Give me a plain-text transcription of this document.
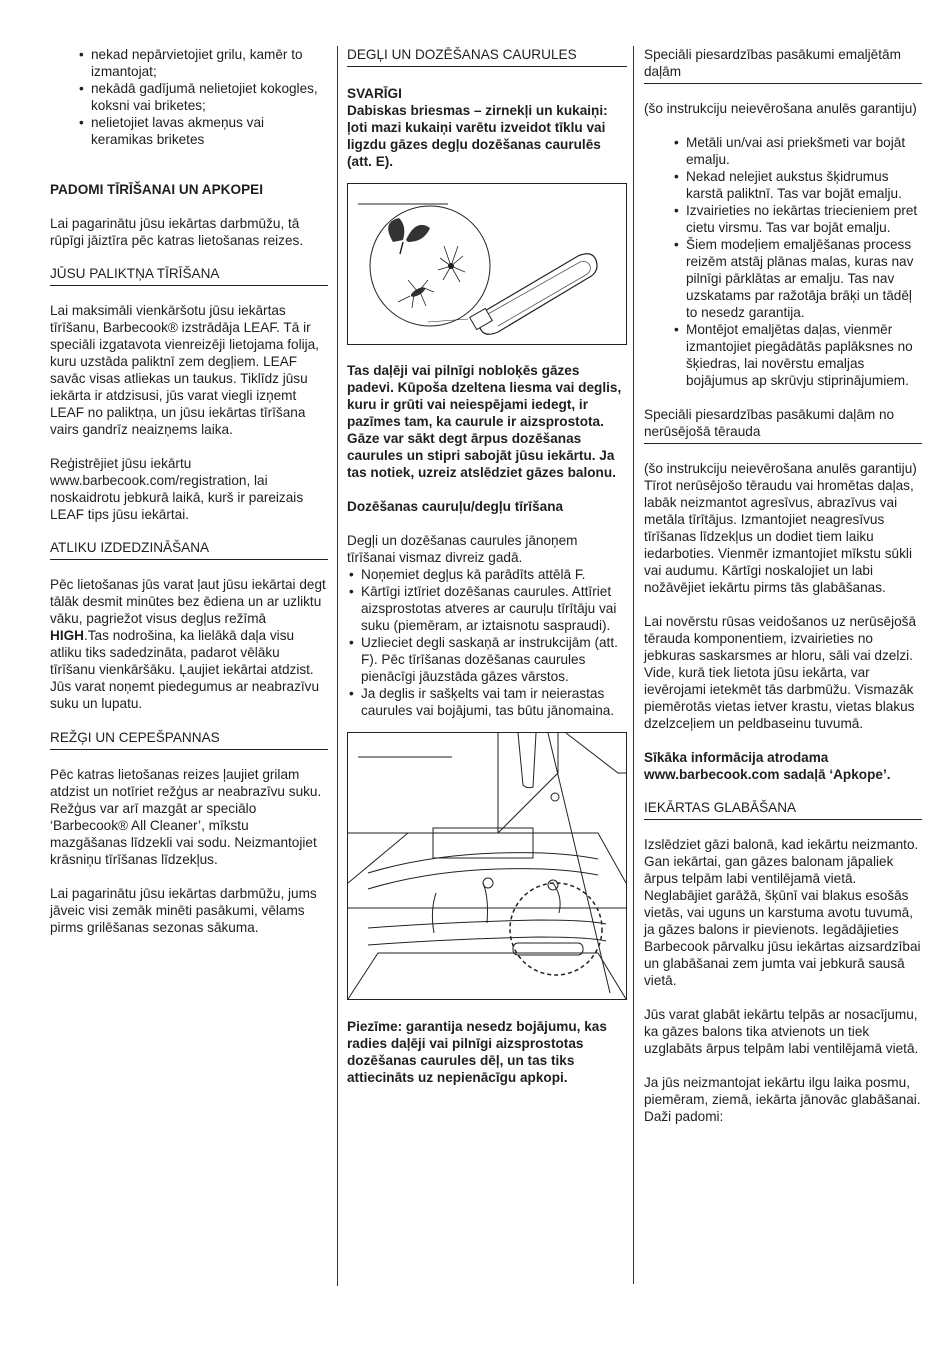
• nekad nepārvietojiet grilu, kamēr to izmantojat;
• nekādā gadījumā nelietojiet kokogles, koksni vai briketes;
• nelietojiet lavas akmeņus vai keramikas briketes

PADOMI TĪRĪŠANAI UN APKOPEI

Lai pagarinātu jūsu iekārtas darbmūžu, tā rūpīgi jāiztīra pēc katras lietošanas reizes.

JŪSU PALIKTŅA TĪRĪŠANA

Lai maksimāli vienkāršotu jūsu iekārtas tīrīšanu, Barbecook® izstrādāja LEAF. Tā ir speciāli izgatavota vienreizēji lietojama folija, kuru uzstāda paliktnī zem degļiem. LEAF savāc visas atliekas un taukus. Tiklīdz jūsu iekārta ir atdzisusi, jūs varat viegli izņemt LEAF no paliktņa, un jūsu iekārtas tīrīšana vairs gandrīz neaizņems laika.

Reģistrējiet jūsu iekārtu www.barbecook.com/registration, lai noskaidrotu jebkurā laikā, kurš ir pareizais LEAF tips jūsu iekārtai.

ATLIKU IZDEDZINĀŠANA

Pēc lietošanas jūs varat ļaut jūsu iekārtai degt tālāk desmit minūtes bez ēdiena un ar uzliktu vāku, pagriežot visus degļus režīmā HIGH.Tas nodrošina, ka lielākā daļa visu atliku tiks sadedzināta, padarot vēlāku tīrīšanu vienkāršāku. Ļaujiet iekārtai atdzist.

Jūs varat noņemt piedegumus ar neabrazīvu suku un lupatu.

REŽĢI UN CEPEŠPANNAS

Pēc katras lietošanas reizes ļaujiet grilam atdzist un notīriet režģus ar neabrazīvu suku. Režģus var arī mazgāt ar speciālo ‘Barbecook® All Cleaner’, mīkstu mazgāšanas līdzekli vai sodu. Neizmantojiet krāsniņu tīrīšanas līdzekļus.

Lai pagarinātu jūsu iekārtas darbmūžu, jums jāveic visi zemāk minēti pasākumi, vēlams pirms grilēšanas sezonas sākuma.

DEGĻI UN DOZĒŠANAS CAURULES

SVARĪGI

Dabiskas briesmas – zirnekļi un kukaiņi: ļoti mazi kukaiņi varētu izveidot tīklu vai ligzdu gāzes degļu dozēšanas caurulēs (att. E).

Tas daļēji vai pilnīgi nobloķēs gāzes padevi. Kūpoša dzeltena liesma vai deglis, kuru ir grūti vai neiespējami iedegt, ir pazīmes tam, ka caurule ir aizsprostota. Gāze var sākt degt ārpus dozēšanas caurules un stipri sabojāt jūsu iekārtu. Ja tas notiek, uzreiz atslēdziet gāzes balonu.

Dozēšanas cauruļu/degļu tīrīšana

Degļi un dozēšanas caurules jānoņem tīrīšanai vismaz divreiz gadā.

• Noņemiet degļus kā parādīts attēlā F.
• Kārtīgi iztīriet dozēšanas caurules. Attīriet aizsprostotas atveres ar cauruļu tīrītāju vai suku (piemēram, ar iztaisnotu saspraudi).
• Uzlieciet degli saskaņā ar instrukcijām (att. F). Pēc tīrīšanas dozēšanas caurules pienācīgi jāuzstāda gāzes vārstos.
• Ja deglis ir sašķelts vai tam ir neierastas caurules vai bojājumi, tas būtu jānomaina.

Piezīme: garantija nesedz bojājumu, kas radies daļēji vai pilnīgi aizsprostotas dozēšanas caurules dēļ, un tas tiks attiecināts uz nepienācīgu apkopi.

Speciāli piesardzības pasākumi emaljētām daļām

(šo instrukciju neievērošana anulēs garantiju)

• Metāli un/vai asi priekšmeti var bojāt emalju.
• Nekad nelejiet aukstus šķidrumus karstā paliktnī. Tas var bojāt emalju.
• Izvairieties no iekārtas triecieniem pret cietu virsmu. Tas var bojāt emalju.
• Šiem modeļiem emaljēšanas process reizēm atstāj plānas malas, kuras nav pilnīgi pārklātas ar emalju. Tas nav uzskatams par ražotāja brāķi un tādēļ to nesedz garantija.
• Montējot emaljētas daļas, vienmēr izmantojiet piegādātās paplāksnes no šķiedras, lai novērstu emaljas bojājumus ap skrūvju stiprinājumiem.

Speciāli piesardzības pasākumi daļām no nerūsējošā tērauda

(šo instrukciju neievērošana anulēs garantiju)

Tīrot nerūsējošo tēraudu vai hromētas daļas, labāk neizmantot agresīvus, abrazīvus vai metāla tīrītājus. Izmantojiet neagresīvus tīrīšanas līdzekļus un dodiet tiem laiku iedarboties. Vienmēr izmantojiet mīkstu sūkli vai audumu. Kārtīgi noskalojiet un labi nožāvējiet iekārtu pirms tās glabāšanas.

Lai novērstu rūsas veidošanos uz nerūsējošā tērauda komponentiem, izvairieties no jebkuras saskarsmes ar hloru, sāli vai dzelzi. Vide, kurā tiek lietota jūsu iekārta, var ievērojami ietekmēt tās darbmūžu. Vismazāk piemērotās vietas ietver krastu, vietas blakus dzelzceļiem un peldbaseinu tuvumā.

Sīkāka informācija atrodama www.barbecook.com sadaļā ‘Apkope’.

IEKĀRTAS GLABĀŠANA

Izslēdziet gāzi balonā, kad iekārtu neizmanto. Gan iekārtai, gan gāzes balonam jāpaliek ārpus telpām labi ventilējamā vietā. Neglabājiet garāžā, šķūnī vai blakus esošās vietās, vai uguns un karstuma avotu tuvumā, ja gāzes balons ir pievienots. Iegādājieties Barbecook pārvalku jūsu iekārtas aizsardzībai un glabāšanai zem jumta vai jebkurā sausā vietā.

Jūs varat glabāt iekārtu telpās ar nosacījumu, ka gāzes balons tika atvienots un tiek uzglabāts ārpus telpām labi ventilējamā vietā.

Ja jūs neizmantojat iekārtu ilgu laika posmu, piemēram, ziemā, iekārta jānovāc glabāšanai. Daži padomi:
